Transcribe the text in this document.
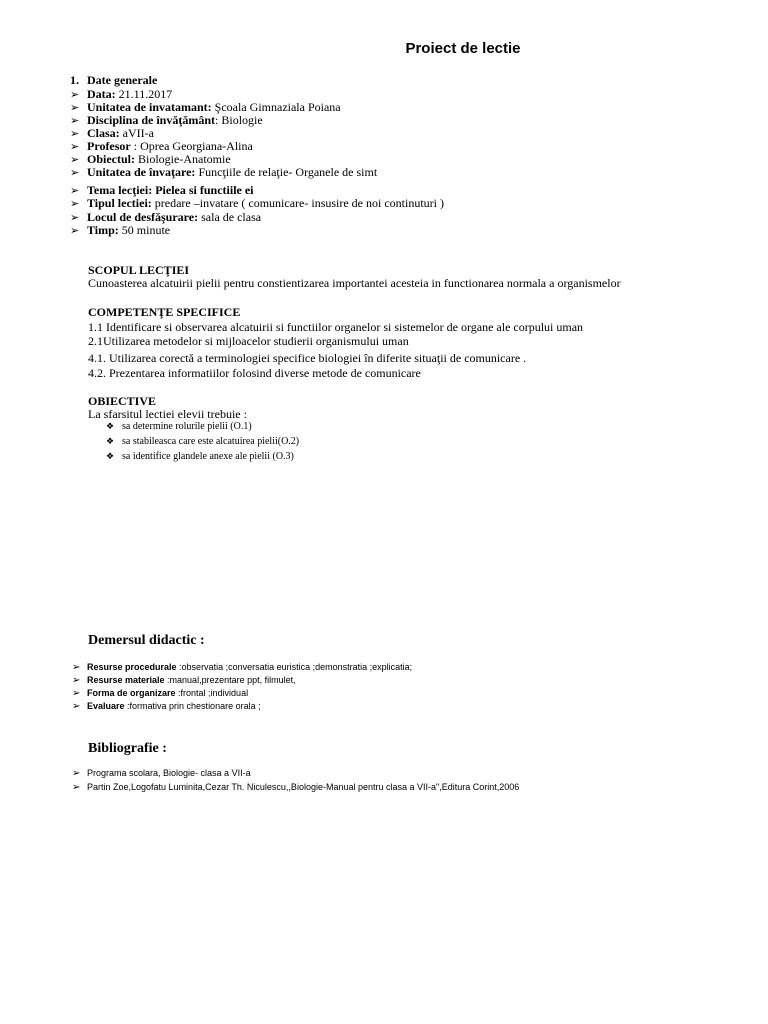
Proiect de lectie
1. Date generale
➢ Data: 21.11.2017
➢ Unitatea de invatamant: Şcoala Gimnaziala Poiana
➢ Disciplina de învăţământ: Biologie
➢ Clasa: aVII-a
➢ Profesor : Oprea Georgiana-Alina
➢ Obiectul: Biologie-Anatomie
➢ Unitatea de învaţare: Funcţiile de relaţie- Organele de simt
➢ Tema lecţiei: Pielea si functiile ei
➢ Tipul lectiei: predare –invatare ( comunicare- insusire de noi continuturi )
➢ Locul de desfăşurare: sala de clasa
➢ Timp: 50 minute
SCOPUL LECŢIEI
Cunoasterea alcatuirii pielii pentru constientizarea importantei acesteia in functionarea normala a organismelor
COMPETENŢE SPECIFICE
1.1 Identificare si observarea alcatuirii si functiilor organelor si sistemelor de organe ale corpului uman
2.1Utilizarea metodelor si mijloacelor studierii organismului uman
4.1. Utilizarea corectă a terminologiei specifice biologiei în diferite situaţii de comunicare .
4.2. Prezentarea informatiilor folosind diverse metode de comunicare
OBIECTIVE
La sfarsitul lectiei elevii trebuie :
❖ sa determine rolurile pielii (O.1)
❖ sa stabileasca care este alcatuirea pielii(O.2)
❖ sa identifice glandele anexe ale pielii (O.3)
Demersul didactic :
➢ Resurse procedurale :observatia ;conversatia euristica ;demonstratia ;explicatia;
➢ Resurse materiale :manual,prezentare ppt, filmulet,
➢ Forma de organizare :frontal ;individual
➢ Evaluare :formativa prin chestionare orala ;
Bibliografie :
➢ Programa scolara, Biologie- clasa a VII-a
➢ Partin Zoe,Logofatu Luminita,Cezar Th. Niculescu,,Biologie-Manual pentru clasa a VII-a",Editura Corint,2006
